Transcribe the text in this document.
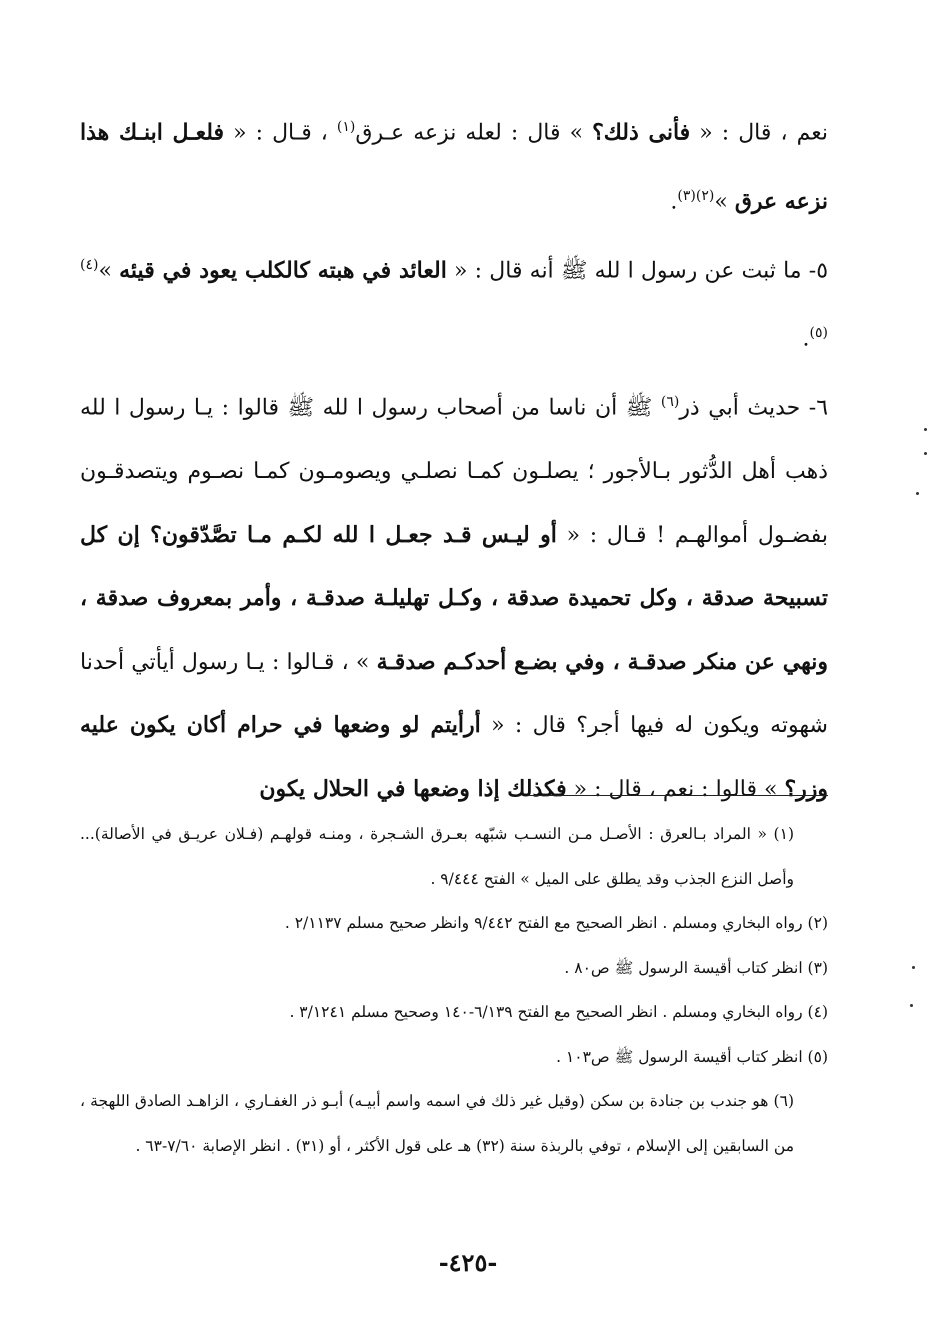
نعم ، قال : « فأنى ذلك؟ » قال : لعله نزعه عـرق$^{(١)}$ ، قـال : « فلعـل ابنـك هذا نزعه عرق »$^{(٢)(٣)}$.

٥- ما ثبت عن رسول ا لله ﷺ أنه قال : « العائد في هبته كالكلب يعود في قيئه »$^{(٤)(٥)}$.

٦- حديث أبي ذر$^{(٦)}$ ﷺ أن ناسا من أصحاب رسول ا لله ﷺ قالوا : يـا رسول ا لله ذهب أهل الدُّثور بـالأجور ؛ يصلـون كمـا نصلـي ويصومـون كمـا نصـوم ويتصدقـون بفضـول أموالهـم ! قـال : « أو ليـس قـد جعـل ا لله لكـم مـا تصَّدّقون؟ إن كل تسبيحة صدقة ، وكل تحميدة صدقة ، وكـل تهليلـة صدقـة ، وأمر بمعروف صدقة ، ونهي عن منكر صدقـة ، وفي بضـع أحدكـم صدقـة » ، قـالوا : يـا رسول أيأتي أحدنا شهوته ويكون له فيها أجر؟ قال : « أرأيتم لو وضعها في حرام أكان يكون عليه وزر؟ » قالوا : نعم ، قال : « فكذلك إذا وضعها في الحلال يكون

(١) « المراد بـالعرق : الأصـل مـن النسـب شبّهه بعـرق الشـجرة ، ومنـه قولهـم (فـلان عريـق في الأصالة)... وأصل النزع الجذب وقد يطلق على الميل » الفتح ٩/٤٤٤ .

(٢) رواه البخاري ومسلم . انظر الصحيح مع الفتح ٩/٤٤٢ وانظر صحيح مسلم ٢/١١٣٧ .

(٣) انظر كتاب أقيسة الرسول ﷺ ص٨٠ .

(٤) رواه البخاري ومسلم . انظر الصحيح مع الفتح ٦/١٣٩-١٤٠ وصحيح مسلم ٣/١٢٤١ .

(٥) انظر كتاب أقيسة الرسول ﷺ ص١٠٣ .

(٦) هو جندب بن جنادة بن سكن (وقيل غير ذلك في اسمه واسم أبيـه) أبـو ذر الغفـاري ، الزاهـد الصادق اللهجة ، من السابقين إلى الإسلام ، توفي بالربذة سنة (٣٢) هـ على قول الأكثر ، أو (٣١) . انظر الإصابة ٧/٦٠-٦٣ .

-٤٢٥-
